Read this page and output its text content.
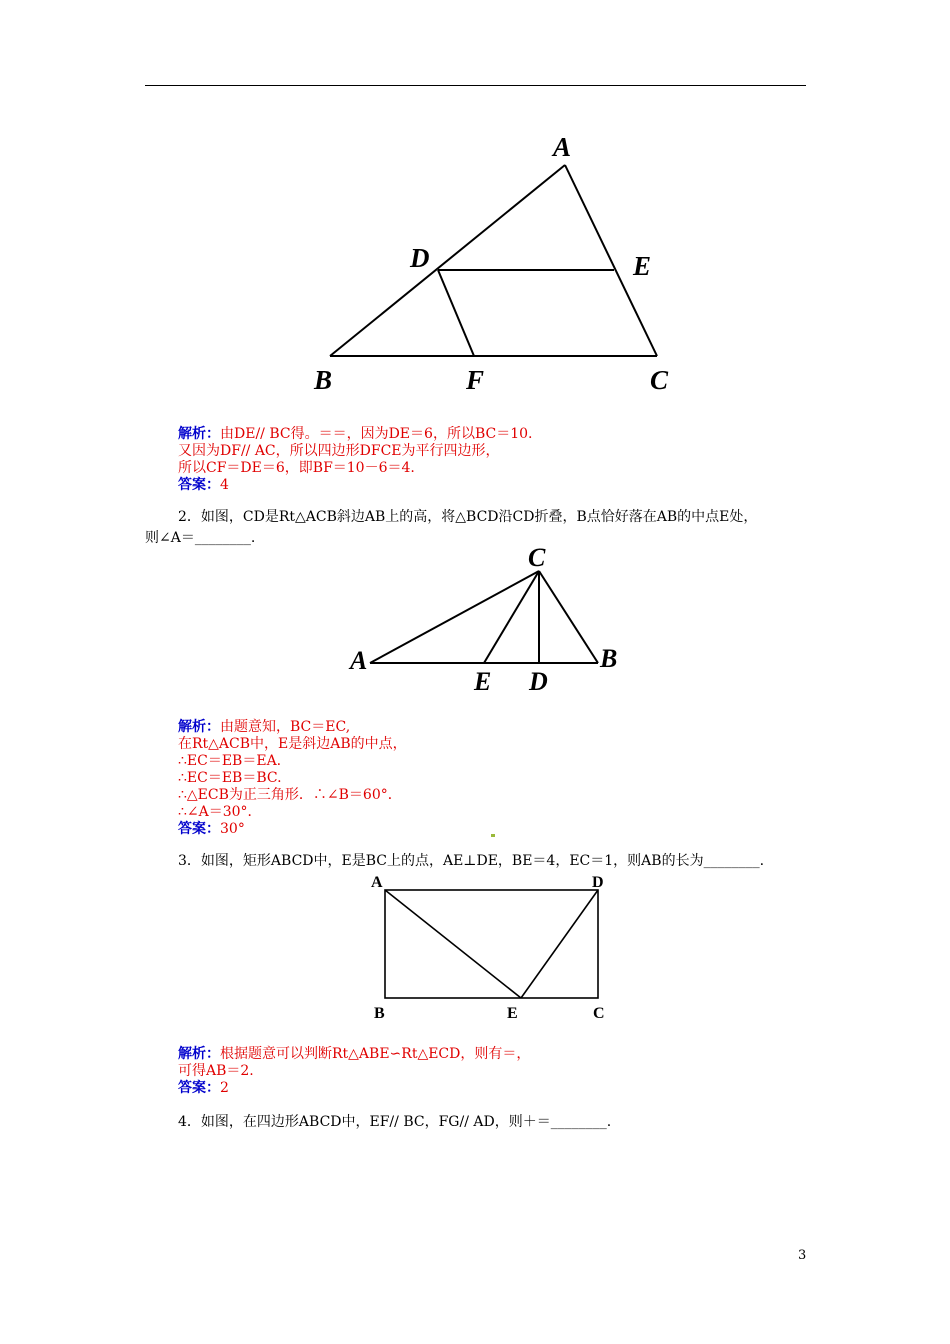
A
D	E
B	F	C
解析：由DE// BC得。＝＝，因为DE＝6，所以BC＝10.
又因为DF// AC，所以四边形DFCE为平行四边形，
所以CF＝DE＝6，即BF＝10－6＝4.
答案：4
2．如图，CD是Rt△ACB斜边AB上的高，将△BCD沿CD折叠，B点恰好落在AB的中点E处，
则∠A＝________.
C
A	B
E D
解析：由题意知，BC＝EC,
在Rt△ACB中，E是斜边AB的中点，
∴EC＝EB＝EA.
∴EC＝EB＝BC.
∴△ECB为正三角形．∴∠B＝60°．
∴∠A＝30°．
答案：30°
3．如图，矩形ABCD中，E是BC上的点，AE⊥DE，BE＝4，EC＝1，则AB的长为________.
A	D
B	E	C
解析：根据题意可以判断Rt△ABE∽Rt△ECD，则有＝，
可得AB＝2.
答案：2
4．如图，在四边形ABCD中，EF// BC，FG// AD，则＋＝________.
3
